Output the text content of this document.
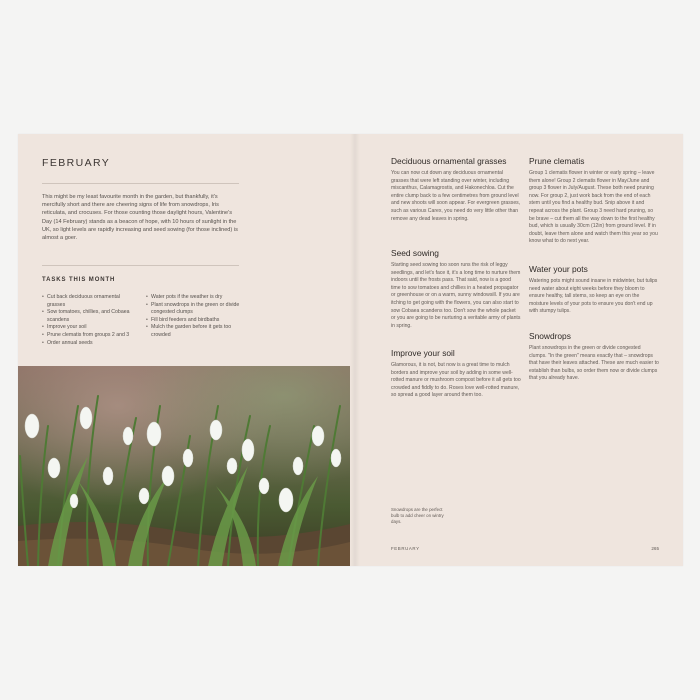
FEBRUARY
This might be my least favourite month in the garden, but thankfully, it's mercifully short and there are cheering signs of life from snowdrops, Iris reticulata, and crocuses. For those counting those daylight hours, Valentine's Day (14 February) stands as a beacon of hope, with 10 hours of sunlight in the UK, so light levels are rapidly increasing and seed sowing (for those inclined) is almost a goer.
TASKS THIS MONTH
• Cut back deciduous ornamental grasses
• Sow tomatoes, chillies, and Cobaea scandens
• Improve your soil
• Prune clematis from groups 2 and 3
• Order annual seeds
• Water pots if the weather is dry
• Plant snowdrops in the green or divide congested clumps
• Fill bird feeders and birdbaths
• Mulch the garden before it gets too crowded
Deciduous ornamental grasses

You can now cut down any deciduous ornamental grasses that were left standing over winter, including miscanthus, Calamagrostis, and Hakonechloa. Cut the entire clump back to a few centimetres from ground level and new shoots will soon appear. For evergreen grasses, such as various Carex, you need do very little other than remove any dead leaves in spring.

Seed sowing

Starting seed sowing too soon runs the risk of leggy seedlings, and let's face it, it's a long time to nurture them indoors until the frosts pass. That said, now is a good time to sow tomatoes and chillies in a heated propagator or greenhouse or on a warm, sunny windowsill. If you are itching to get going with the flowers, you can also start to sow Cobaea scandens too. Don't sow the whole packet or you are going to be nurturing a veritable army of plants in spring.

Improve your soil

Glamorous, it is not, but now is a great time to mulch borders and improve your soil by adding in some well-rotted manure or mushroom compost before it all gets too crowded and fiddly to do. Roses love well-rotted manure, so spread a good layer around them too.

Prune clematis

Group 1 clematis flower in winter or early spring – leave them alone! Group 2 clematis flower in May/June and group 3 flower in July/August. These both need pruning now. For group 2, just work back from the end of each stem until you find a healthy bud. Snip above it and repeat across the plant. Group 3 need hard pruning, so be brave – cut them all the way down to the first healthy bud, which is usually 30cm (12in) from ground level. If in doubt, leave them alone and watch them this year so you know what to do next year.

Water your pots

Watering pots might sound insane in midwinter, but tulips need water about eight weeks before they bloom to ensure healthy, tall stems, so keep an eye on the moisture levels of your pots to ensure you don't end up with stumpy tulips.

Snowdrops

Plant snowdrops in the green or divide congested clumps. "In the green" means exactly that – snowdrops that have their leaves attached. These are much easier to establish than bulbs, so order them now or divide clumps that you already have.

Snowdrops are the perfect bulb to add cheer on wintry days.
FEBRUARY	265
